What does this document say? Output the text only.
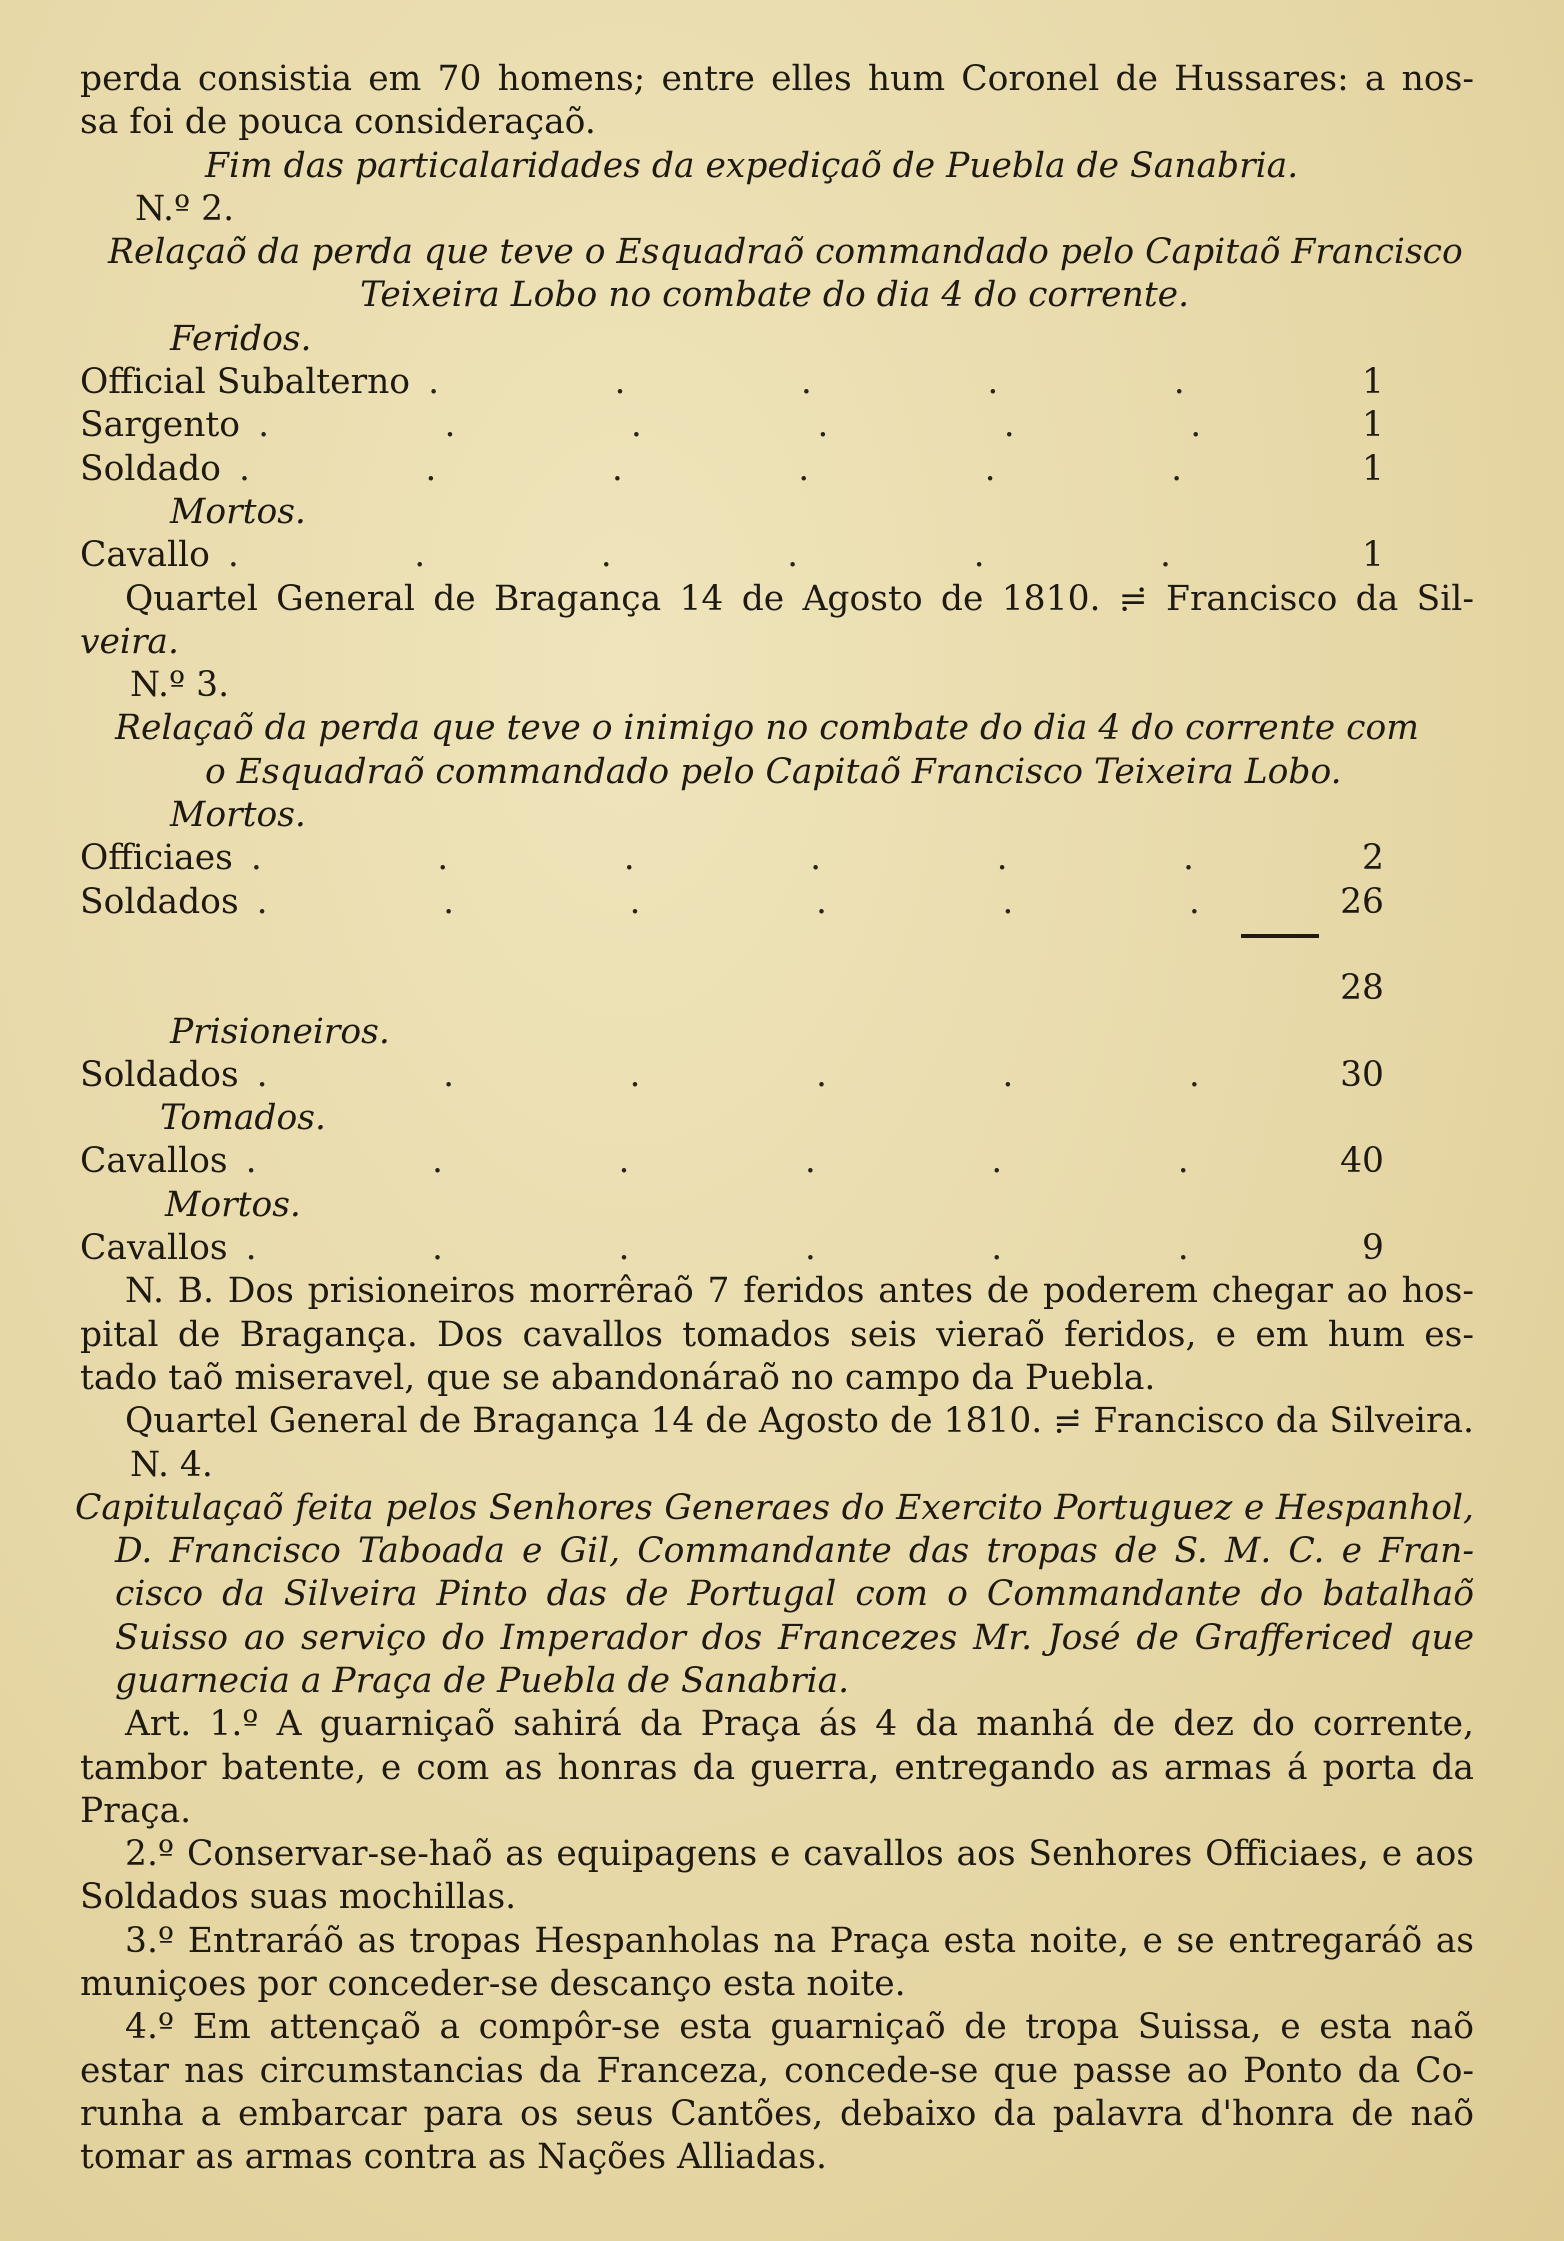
perda consistia em 70 homens; entre elles hum Coronel de Hussares: a nos-
sa foi de pouca consideraçaõ.
Fim das particalaridades da expediçaõ de Puebla de Sanabria.
N.º 2.
Relaçaõ da perda que teve o Esquadraõ commandado pelo Capitaõ Francisco
Teixeira Lobo no combate do dia 4 do corrente.
Feridos.
Official Subalterno .	1
Sargento .	1
Soldado .	1
Mortos.
Cavallo .	1
Quartel General de Bragança 14 de Agosto de 1810. ≓ Francisco da Sil-
veira.
N.º 3.
Relaçaõ da perda que teve o inimigo no combate do dia 4 do corrente com
o Esquadraõ commandado pelo Capitaõ Francisco Teixeira Lobo.
Mortos.
Officiaes .	2
Soldados .	26
28
Prisioneiros.
Soldados .	30
Tomados.
Cavallos .	40
Mortos.
Cavallos .	9
N. B. Dos prisioneiros morrêraõ 7 feridos antes de poderem chegar ao hos-
pital de Bragança. Dos cavallos tomados seis vieraõ feridos, e em hum es-
tado taõ miseravel, que se abandonáraõ no campo da Puebla.
Quartel General de Bragança 14 de Agosto de 1810. ≓ Francisco da Silveira.
N. 4.
Capitulaçaõ feita pelos Senhores Generaes do Exercito Portuguez e Hespanhol,
D. Francisco Taboada e Gil, Commandante das tropas de S. M. C. e Fran-
cisco da Silveira Pinto das de Portugal com o Commandante do batalhaõ
Suisso ao serviço do Imperador dos Francezes Mr. José de Graffericed que
guarnecia a Praça de Puebla de Sanabria.
Art. 1.º A guarniçaõ sahirá da Praça ás 4 da manhá de dez do corrente,
tambor batente, e com as honras da guerra, entregando as armas á porta da
Praça.
2.º Conservar-se-haõ as equipagens e cavallos aos Senhores Officiaes, e aos
Soldados suas mochillas.
3.º Entraráõ as tropas Hespanholas na Praça esta noite, e se entregaráõ as
muniçoes por conceder-se descanço esta noite.
4.º Em attençaõ a compôr-se esta guarniçaõ de tropa Suissa, e esta naõ
estar nas circumstancias da Franceza, concede-se que passe ao Ponto da Co-
runha a embarcar para os seus Cantões, debaixo da palavra d'honra de naõ
tomar as armas contra as Nações Alliadas.
